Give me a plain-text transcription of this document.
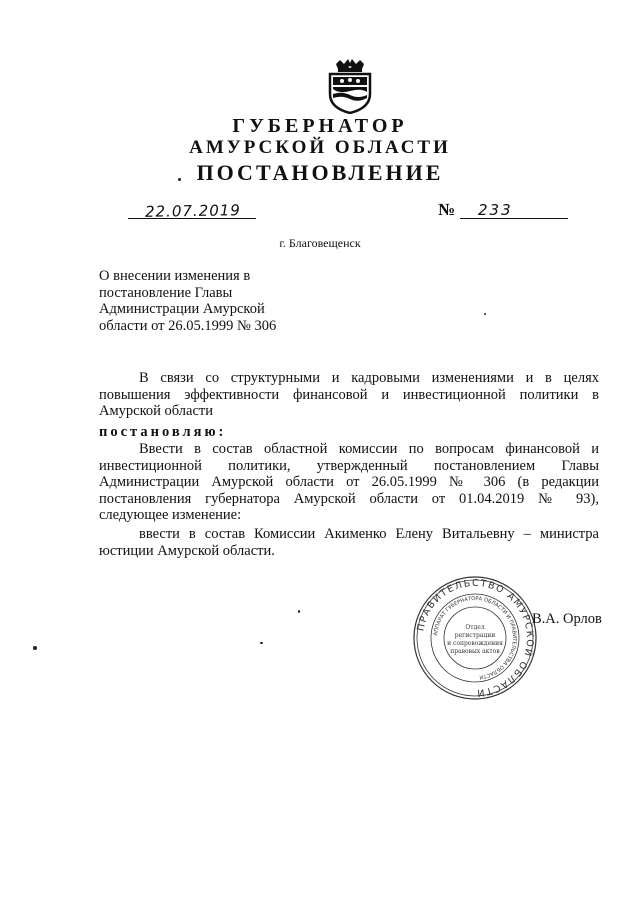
ГУБЕРНАТОР
АМУРСКОЙ ОБЛАСТИ
ПОСТАНОВЛЕНИЕ
22.07.2019	№ 233
г. Благовещенск
О внесении изменения в
постановление Главы
Администрации Амурской
области от 26.05.1999 № 306
В связи со структурными и кадровыми изменениями и в целях
повышения эффективности финансовой и инвестиционной политики в
Амурской области
постановляю:
Ввести в состав областной комиссии по вопросам финансовой и
инвестиционной политики, утвержденный постановлением Главы
Администрации Амурской области от 26.05.1999 № 306 (в редакции
постановления губернатора Амурской области от 01.04.2019 № 93),
следующее изменение:
ввести в состав Комиссии Акименко Елену Витальевну – министра
юстиции Амурской области.
ПРАВИТЕЛЬСТВО АМУРСКОЙ ОБЛАСТИ
АППАРАТ ГУБЕРНАТОРА ОБЛАСТИ И ПРАВИТЕЛЬСТВА ОБЛАСТИ
Отдел
регистрации
и сопровождения
правовых актов
В.А. Орлов
